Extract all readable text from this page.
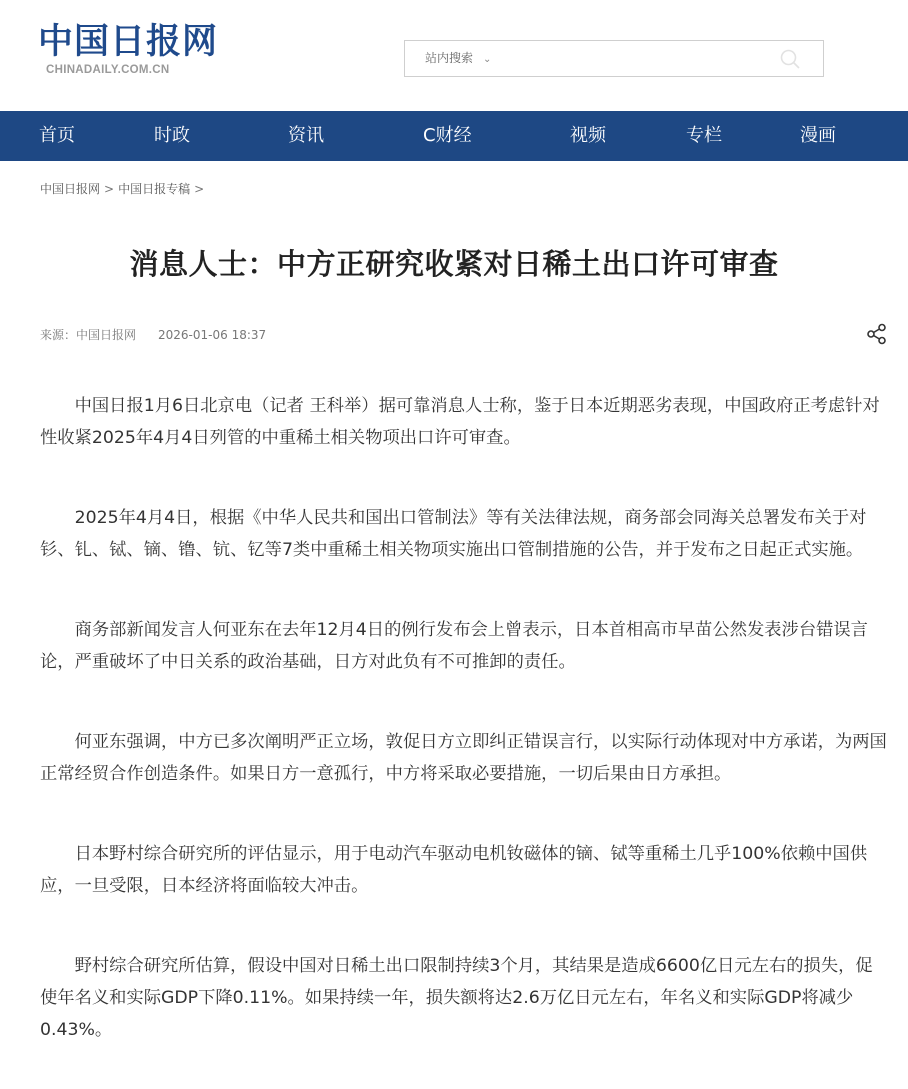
中国日报网
CHINADAILY.COM.CN
站内搜索 ⌄
首页	时政	资讯	C财经	视频	专栏	漫画
中国日报网 > 中国日报专稿 >
消息人士：中方正研究收紧对日稀土出口许可审查
来源：中国日报网 2026-01-06 18:37

中国日报1月6日北京电（记者 王科举）据可靠消息人士称，鉴于日本近期恶劣表现，中国政府正考虑针对性收紧2025年4月4日列管的中重稀土相关物项出口许可审查。

2025年4月4日，根据《中华人民共和国出口管制法》等有关法律法规，商务部会同海关总署发布关于对钐、钆、铽、镝、镥、钪、钇等7类中重稀土相关物项实施出口管制措施的公告，并于发布之日起正式实施。

商务部新闻发言人何亚东在去年12月4日的例行发布会上曾表示，日本首相高市早苗公然发表涉台错误言论，严重破坏了中日关系的政治基础，日方对此负有不可推卸的责任。

何亚东强调，中方已多次阐明严正立场，敦促日方立即纠正错误言行，以实际行动体现对中方承诺，为两国正常经贸合作创造条件。如果日方一意孤行，中方将采取必要措施，一切后果由日方承担。

日本野村综合研究所的评估显示，用于电动汽车驱动电机钕磁体的镝、铽等重稀土几乎100%依赖中国供应，一旦受限，日本经济将面临较大冲击。

野村综合研究所估算，假设中国对日稀土出口限制持续3个月，其结果是造成6600亿日元左右的损失，促使年名义和实际GDP下降0.11%。如果持续一年，损失额将达2.6万亿日元左右，年名义和实际GDP将减少 0.43%。
